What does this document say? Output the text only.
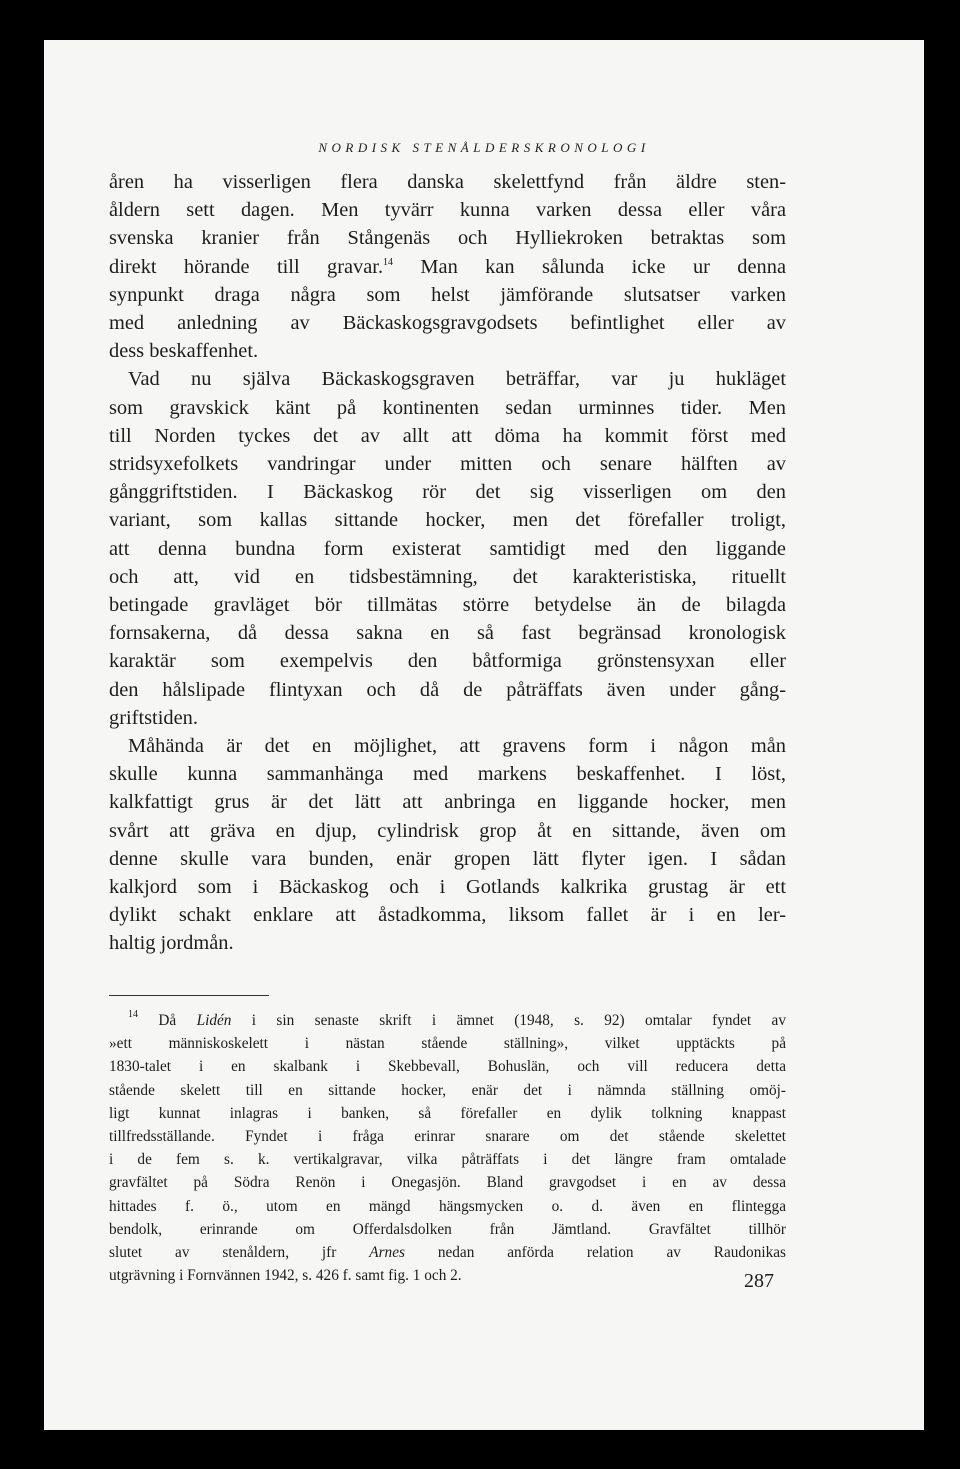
NORDISK STENÅLDERSKRONOLOGI
åren ha visserligen flera danska skelettfynd från äldre sten-
åldern sett dagen. Men tyvärr kunna varken dessa eller våra
svenska kranier från Stångenäs och Hylliekroken betraktas som
direkt hörande till gravar.$^{14}$ Man kan sålunda icke ur denna
synpunkt draga några som helst jämförande slutsatser varken
med anledning av Bäckaskogsgravgodsets befintlighet eller av
dess beskaffenhet.
Vad nu själva Bäckaskogsgraven beträffar, var ju hukläget
som gravskick känt på kontinenten sedan urminnes tider. Men
till Norden tyckes det av allt att döma ha kommit först med
stridsyxefolkets vandringar under mitten och senare hälften av
gånggriftstiden. I Bäckaskog rör det sig visserligen om den
variant, som kallas sittande hocker, men det förefaller troligt,
att denna bundna form existerat samtidigt med den liggande
och att, vid en tidsbestämning, det karakteristiska, rituellt
betingade gravläget bör tillmätas större betydelse än de bilagda
fornsakerna, då dessa sakna en så fast begränsad kronologisk
karaktär som exempelvis den båtformiga grönstensyxan eller
den hålslipade flintyxan och då de påträffats även under gång-
griftstiden.
Måhända är det en möjlighet, att gravens form i någon mån
skulle kunna sammanhänga med markens beskaffenhet. I löst,
kalkfattigt grus är det lätt att anbringa en liggande hocker, men
svårt att gräva en djup, cylindrisk grop åt en sittande, även om
denne skulle vara bunden, enär gropen lätt flyter igen. I sådan
kalkjord som i Bäckaskog och i Gotlands kalkrika grustag är ett
dylikt schakt enklare att åstadkomma, liksom fallet är i en ler-
haltig jordmån.
$^{14}$ Då Lidén i sin senaste skrift i ämnet (1948, s. 92) omtalar fyndet av
»ett människoskelett i nästan stående ställning», vilket upptäckts på
1830-talet i en skalbank i Skebbevall, Bohuslän, och vill reducera detta
stående skelett till en sittande hocker, enär det i nämnda ställning omöj-
ligt kunnat inlagras i banken, så förefaller en dylik tolkning knappast
tillfredsställande. Fyndet i fråga erinrar snarare om det stående skelettet
i de fem s. k. vertikalgravar, vilka påträffats i det längre fram omtalade
gravfältet på Södra Renön i Onegasjön. Bland gravgodset i en av dessa
hittades f. ö., utom en mängd hängsmycken o. d. även en flintegga
bendolk, erinrande om Offerdalsdolken från Jämtland. Gravfältet tillhör
slutet av stenåldern, jfr Arnes nedan anförda relation av Raudonikas
utgrävning i Fornvännen 1942, s. 426 f. samt fig. 1 och 2.	287
